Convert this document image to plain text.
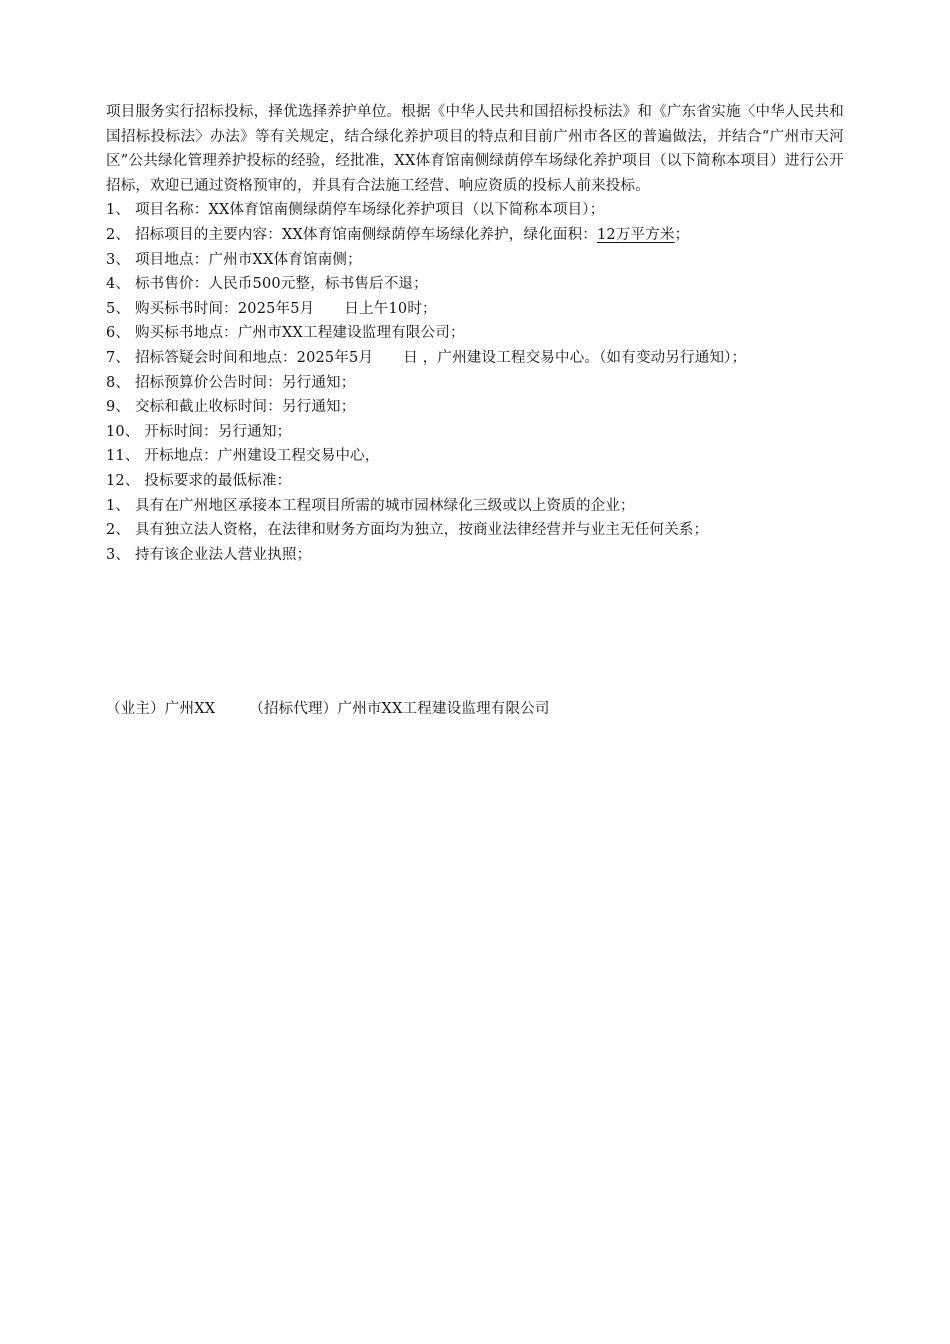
项目服务实行招标投标，择优选择养护单位。根据《中华人民共和国招标投标法》和《广东省实施〈中华人民共和国招标投标法〉办法》等有关规定，结合绿化养护项目的特点和目前广州市各区的普遍做法，并结合“广州市天河区”公共绿化管理养护投标的经验，经批准，XX体育馆南侧绿荫停车场绿化养护项目（以下简称本项目）进行公开招标，欢迎已通过资格预审的，并具有合法施工经营、响应资质的投标人前来投标。

1、 项目名称：XX体育馆南侧绿荫停车场绿化养护项目（以下简称本项目）；

2、 招标项目的主要内容：XX体育馆南侧绿荫停车场绿化养护，绿化面积：12万平方米；

3、 项目地点：广州市XX体育馆南侧；

4、 标书售价：人民币500元整，标书售后不退；

5、 购买标书时间：2025年5月 日上午10时；

6、 购买标书地点：广州市XX工程建设监理有限公司；

7、 招标答疑会时间和地点：2025年5月 日 ，广州建设工程交易中心。（如有变动另行通知）；

8、 招标预算价公告时间：另行通知；

9、 交标和截止收标时间：另行通知；

10、 开标时间：另行通知；

11、 开标地点：广州建设工程交易中心，

12、 投标要求的最低标准：

1、 具有在广州地区承接本工程项目所需的城市园林绿化三级或以上资质的企业；

2、 具有独立法人资格，在法律和财务方面均为独立，按商业法律经营并与业主无任何关系；

3、 持有该企业法人营业执照；

（业主）广州XX （招标代理）广州市XX工程建设监理有限公司
